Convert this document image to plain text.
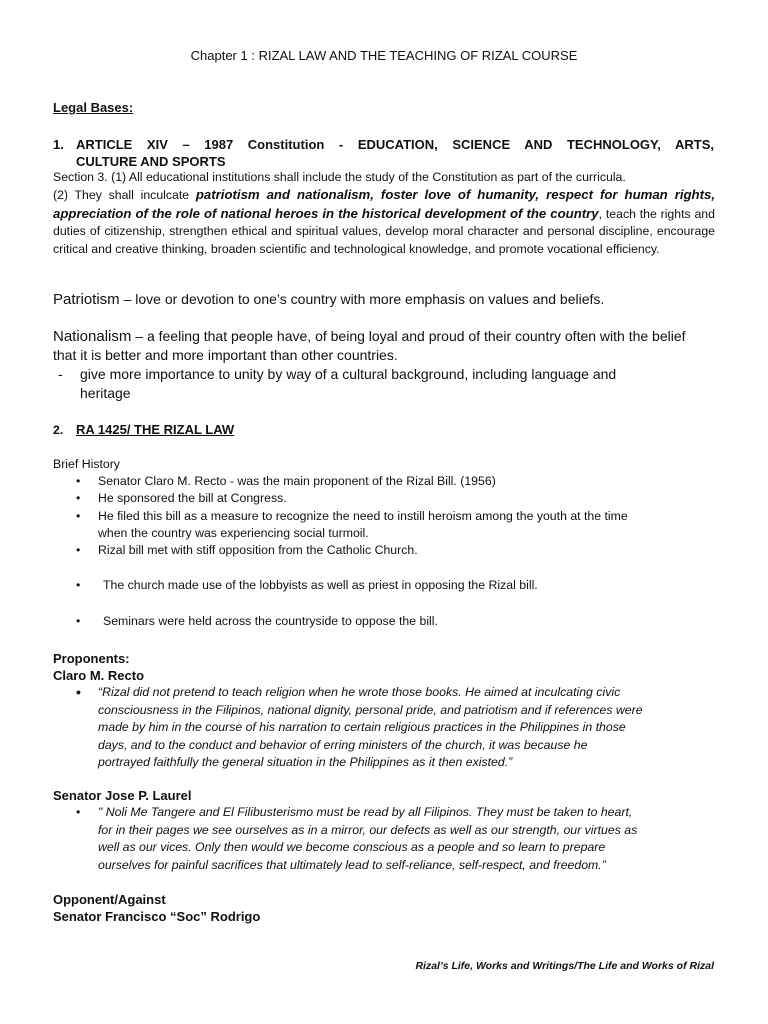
Chapter 1 : RIZAL LAW AND THE TEACHING OF RIZAL COURSE
Legal Bases:
1. ARTICLE XIV – 1987 Constitution - EDUCATION, SCIENCE AND TECHNOLOGY, ARTS,
CULTURE AND SPORTS
Section 3. (1) All educational institutions shall include the study of the Constitution as part of the curricula.

(2) They shall inculcate patriotism and nationalism, foster love of humanity, respect for human rights, appreciation of the role of national heroes in the historical development of the country, teach the rights and duties of citizenship, strengthen ethical and spiritual values, develop moral character and personal discipline, encourage critical and creative thinking, broaden scientific and technological knowledge, and promote vocational efficiency.

Patriotism – love or devotion to one’s country with more emphasis on values and beliefs.

Nationalism – a feeling that people have, of being loyal and proud of their country often with the belief that it is better and more important than other countries.

- give more importance to unity by way of a cultural background, including language and
heritage
2. RA 1425/ THE RIZAL LAW
Brief History
• Senator Claro M. Recto - was the main proponent of the Rizal Bill. (1956)
• He sponsored the bill at Congress.
• He filed this bill as a measure to recognize the need to instill heroism among the youth at the time
when the country was experiencing social turmoil.
• Rizal bill met with stiff opposition from the Catholic Church.
• The church made use of the lobbyists as well as priest in opposing the Rizal bill.
• Seminars were held across the countryside to oppose the bill.
Proponents:
Claro M. Recto
• “Rizal did not pretend to teach religion when he wrote those books. He aimed at inculcating civic
consciousness in the Filipinos, national dignity, personal pride, and patriotism and if references were
made by him in the course of his narration to certain religious practices in the Philippines in those
days, and to the conduct and behavior of erring ministers of the church, it was because he
portrayed faithfully the general situation in the Philippines as it then existed.”
Senator Jose P. Laurel
• " Noli Me Tangere and El Filibusterismo must be read by all Filipinos. They must be taken to heart,
for in their pages we see ourselves as in a mirror, our defects as well as our strength, our virtues as
well as our vices. Only then would we become conscious as a people and so learn to prepare
ourselves for painful sacrifices that ultimately lead to self-reliance, self-respect, and freedom.”
Opponent/Against
Senator Francisco “Soc” Rodrigo
Rizal’s Life, Works and Writings/The Life and Works of Rizal
